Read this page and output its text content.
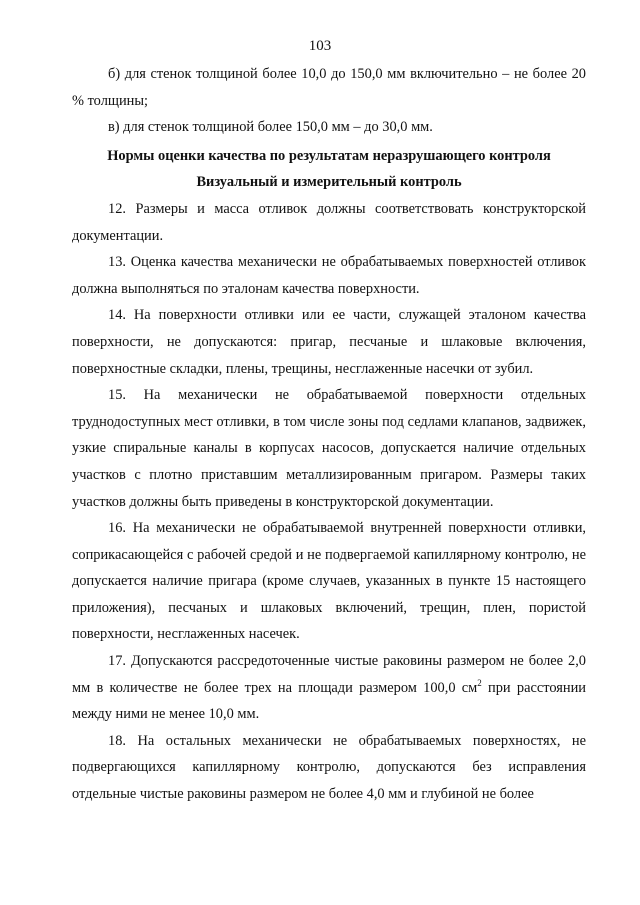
103

б) для стенок толщиной более 10,0 до 150,0 мм включительно – не более 20 % толщины;

в) для стенок толщиной более 150,0 мм – до 30,0 мм.

Нормы оценки качества по результатам неразрушающего контроля

Визуальный и измерительный контроль

12. Размеры и масса отливок должны соответствовать конструкторской документации.

13. Оценка качества механически не обрабатываемых поверхностей отливок должна выполняться по эталонам качества поверхности.

14. На поверхности отливки или ее части, служащей эталоном качества поверхности, не допускаются: пригар, песчаные и шлаковые включения, поверхностные складки, плены, трещины, несглаженные насечки от зубил.

15. На механически не обрабатываемой поверхности отдельных труднодоступных мест отливки, в том числе зоны под седлами клапанов, задвижек, узкие спиральные каналы в корпусах насосов, допускается наличие отдельных участков с плотно приставшим металлизированным пригаром. Размеры таких участков должны быть приведены в конструкторской документации.

16. На механически не обрабатываемой внутренней поверхности отливки, соприкасающейся с рабочей средой и не подвергаемой капиллярному контролю, не допускается наличие пригара (кроме случаев, указанных в пункте 15 настоящего приложения), песчаных и шлаковых включений, трещин, плен, пористой поверхности, несглаженных насечек.

17. Допускаются рассредоточенные чистые раковины размером не более 2,0 мм в количестве не более трех на площади размером 100,0 $см^2$ при расстоянии между ними не менее 10,0 мм.

18. На остальных механически не обрабатываемых поверхностях, не подвергающихся капиллярному контролю, допускаются без исправления отдельные чистые раковины размером не более 4,0 мм и глубиной не более
